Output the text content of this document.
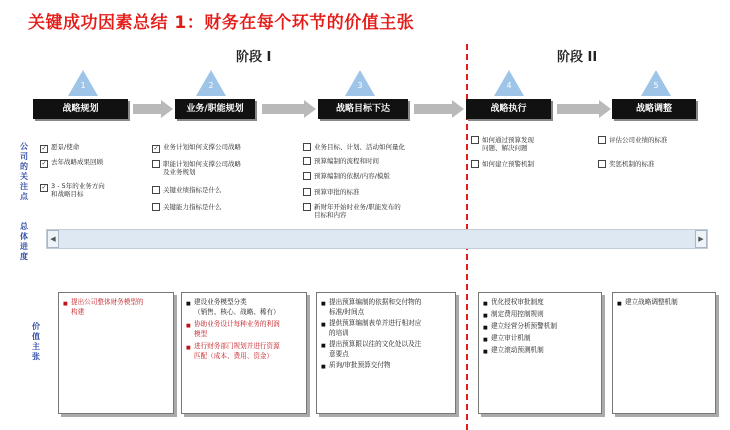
关键成功因素总结 1：财务在每个环节的价值主张
阶段 I	阶段 II
1	2	3	4	5
战略规划	业务/职能规划	战略目标下达	战略执行	战略调整
公司的关注点
总体进度
价值主张
✓ 愿景/使命
✓ 去年战略成果回顾
✓ 3 - 5年的业务方向
和战略目标
✓ 业务计划如何支撑公司战略
职能计划如何支撑公司战略
及业务规划
关键业绩指标是什么
关键能力指标是什么
业务目标、计划、活动如何量化
预算编制的流程和时间
预算编制的依据/内容/模版
预算审批的标准
新财年开始时业务/职能发布的
目标和内容
如何通过预算发现
问题、解决问题
如何建立预警机制
评估公司业绩的标准
奖惩机制的标准
◀	▶
■ 提出公司整体财务模型的
构建
■ 建设业务模型分类
（销售、核心、战略、稀有）
■ 协助业务设计每种业务的利润
模型
■ 进行财务部门规划并进行资源
匹配（成本、费用、资金）
■ 提出预算编制的依据和交付物的
标准/时间点
■ 提供预算编制表单并进行相对应
的培训
■ 提出预算跟以往的文化处以及注
意要点
■ 质询/审批预算交付物
■ 优化授权审批制度
■ 制定费用控制规则
■ 建立经营分析预警机制
■ 建立审计机制
■ 建立滚动预测机制
■ 建立战略调整机制
